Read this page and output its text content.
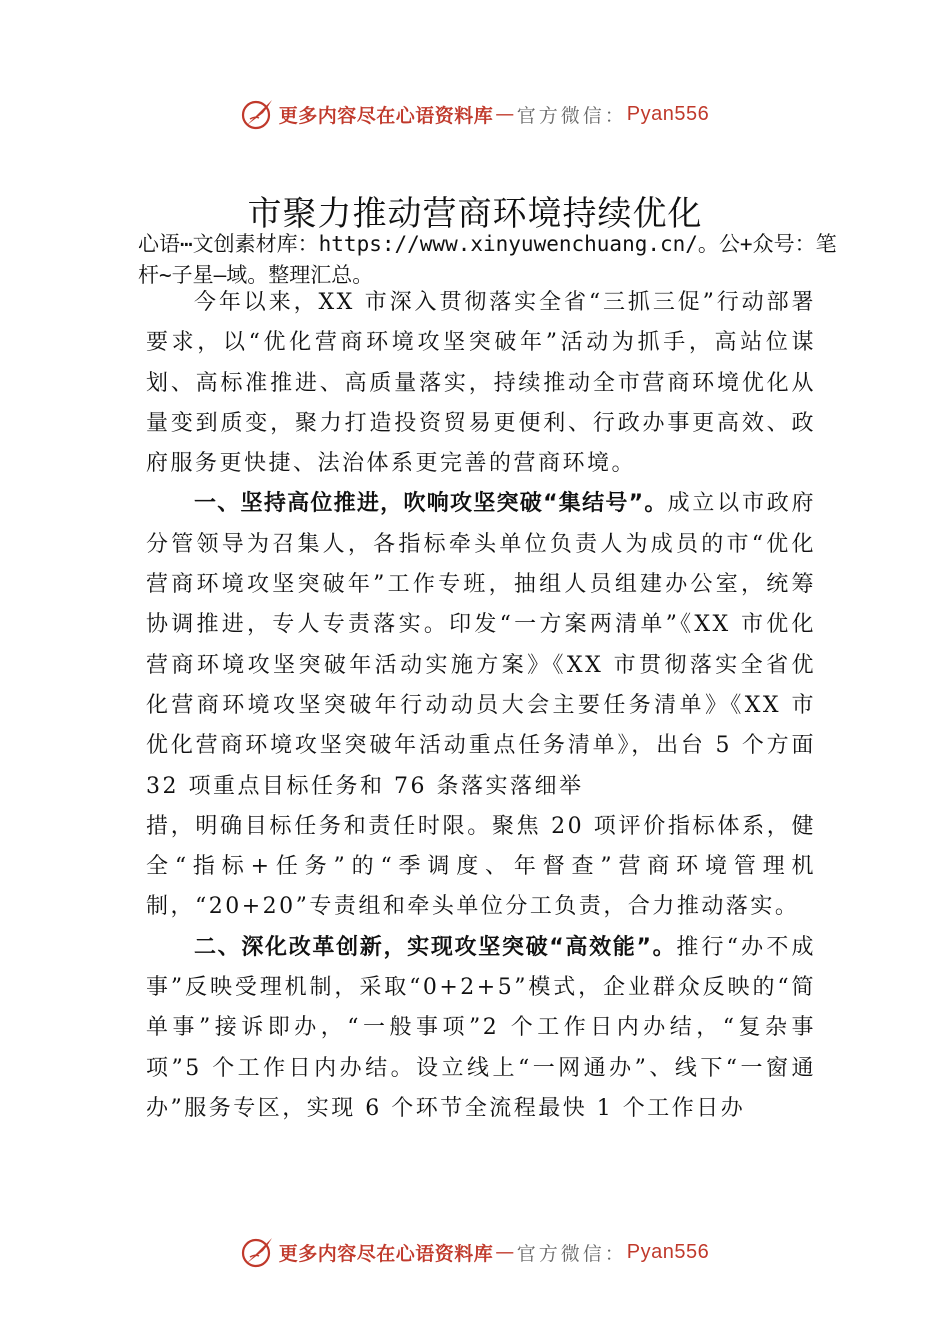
更多内容尽在心语资料库 — 官方微信： Pyan556
市聚力推动营商环境持续优化
心语⋯文创素材库：https://www.xinyuwenchuang.cn/。公+众号：笔杆~子星—域。整理汇总。

今年以来，XX 市深入贯彻落实全省“三抓三促”行动部署要求，以“优化营商环境攻坚突破年”活动为抓手，高站位谋划、高标准推进、高质量落实，持续推动全市营商环境优化从量变到质变，聚力打造投资贸易更便利、行政办事更高效、政府服务更快捷、法治体系更完善的营商环境。

一、坚持高位推进，吹响攻坚突破“集结号”。成立以市政府分管领导为召集人，各指标牵头单位负责人为成员的市“优化营商环境攻坚突破年”工作专班，抽组人员组建办公室，统筹协调推进，专人专责落实。印发“一方案两清单”《XX 市优化营商环境攻坚突破年活动实施方案》《XX 市贯彻落实全省优化营商环境攻坚突破年行动动员大会主要任务清单》《XX 市优化营商环境攻坚突破年活动重点任务清单》，出台 5 个方面 32 项重点目标任务和 76 条落实落细举

措，明确目标任务和责任时限。聚焦 20 项评价指标体系，健全“指标+任务”的“季调度、年督查”营商环境管理机制，“20+20”专责组和牵头单位分工负责，合力推动落实。

二、深化改革创新，实现攻坚突破“高效能”。推行“办不成事”反映受理机制，采取“0+2+5”模式，企业群众反映的“简单事”接诉即办，“一般事项”2 个工作日内办结，“复杂事项”5 个工作日内办结。设立线上“一网通办”、线下“一窗通办”服务专区，实现 6 个环节全流程最快 1 个工作日办

更多内容尽在心语资料库 — 官方微信： Pyan556
